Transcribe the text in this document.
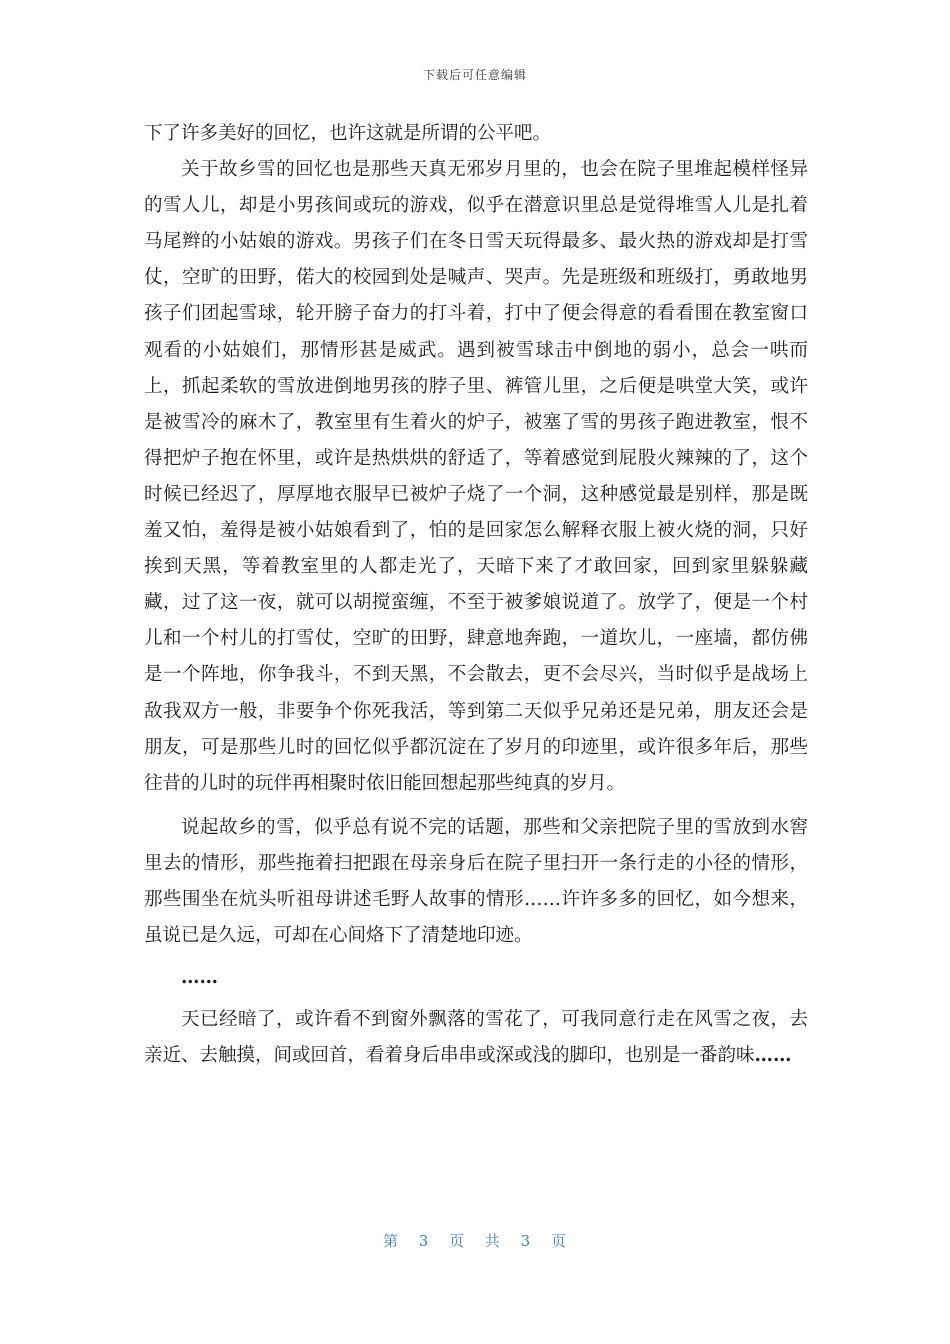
下载后可任意编辑

下了许多美好的回忆，也许这就是所谓的公平吧。

关于故乡雪的回忆也是那些天真无邪岁月里的，也会在院子里堆起模样怪异的雪人儿，却是小男孩间或玩的游戏，似乎在潜意识里总是觉得堆雪人儿是扎着马尾辫的小姑娘的游戏。男孩子们在冬日雪天玩得最多、最火热的游戏却是打雪仗，空旷的田野，偌大的校园到处是喊声、哭声。先是班级和班级打，勇敢地男孩子们团起雪球，轮开膀子奋力的打斗着，打中了便会得意的看看围在教室窗口观看的小姑娘们，那情形甚是威武。遇到被雪球击中倒地的弱小，总会一哄而上，抓起柔软的雪放进倒地男孩的脖子里、裤管儿里，之后便是哄堂大笑，或许是被雪冷的麻木了，教室里有生着火的炉子，被塞了雪的男孩子跑进教室，恨不得把炉子抱在怀里，或许是热烘烘的舒适了，等着感觉到屁股火辣辣的了，这个时候已经迟了，厚厚地衣服早已被炉子烧了一个洞，这种感觉最是别样，那是既羞又怕，羞得是被小姑娘看到了，怕的是回家怎么解释衣服上被火烧的洞，只好挨到天黑，等着教室里的人都走光了，天暗下来了才敢回家，回到家里躲躲藏藏，过了这一夜，就可以胡搅蛮缠，不至于被爹娘说道了。放学了，便是一个村儿和一个村儿的打雪仗，空旷的田野，肆意地奔跑，一道坎儿，一座墙，都仿佛是一个阵地，你争我斗，不到天黑，不会散去，更不会尽兴，当时似乎是战场上敌我双方一般，非要争个你死我活，等到第二天似乎兄弟还是兄弟，朋友还会是朋友，可是那些儿时的回忆似乎都沉淀在了岁月的印迹里，或许很多年后，那些往昔的儿时的玩伴再相聚时依旧能回想起那些纯真的岁月。

说起故乡的雪，似乎总有说不完的话题，那些和父亲把院子里的雪放到水窖里去的情形，那些拖着扫把跟在母亲身后在院子里扫开一条行走的小径的情形，那些围坐在炕头听祖母讲述毛野人故事的情形……许许多多的回忆，如今想来，虽说已是久远，可却在心间烙下了清楚地印迹。

……

天已经暗了，或许看不到窗外飘落的雪花了，可我同意行走在风雪之夜，去亲近、去触摸，间或回首，看着身后串串或深或浅的脚印，也别是一番韵味……

第 3 页 共 3 页
